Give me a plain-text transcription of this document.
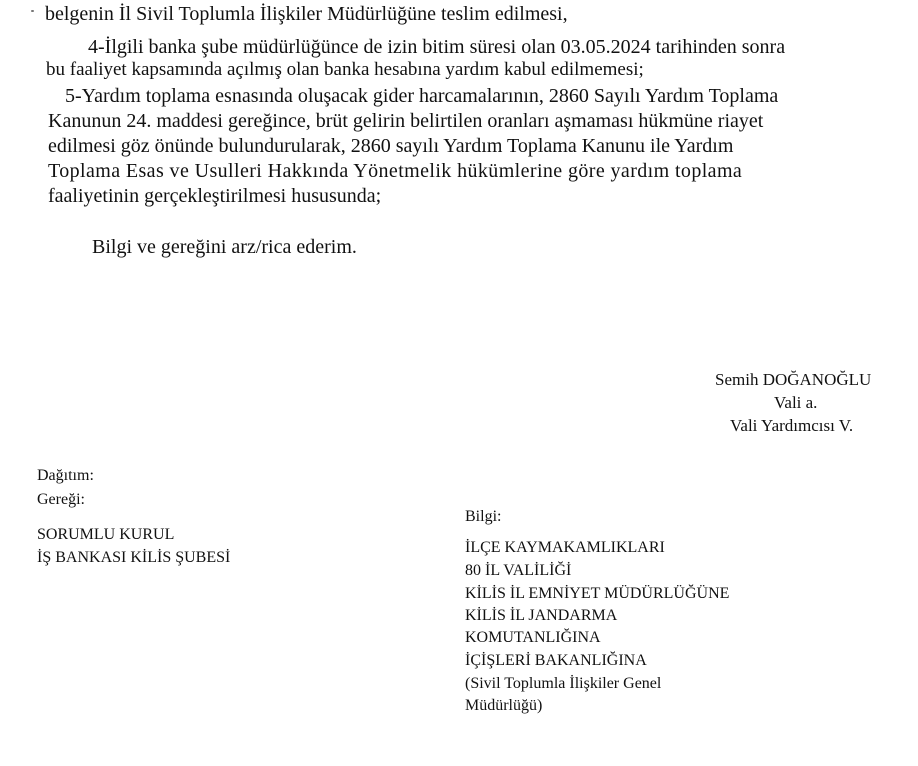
belgenin İl Sivil Toplumla İlişkiler Müdürlüğüne teslim edilmesi,
4-İlgili banka şube müdürlüğünce de izin bitim süresi olan 03.05.2024 tarihinden sonra
bu faaliyet kapsamında açılmış olan banka hesabına yardım kabul edilmemesi;
5-Yardım toplama esnasında oluşacak gider harcamalarının, 2860 Sayılı Yardım Toplama
Kanunun 24. maddesi gereğince, brüt gelirin belirtilen oranları aşmaması hükmüne riayet
edilmesi göz önünde bulundurularak, 2860 sayılı Yardım Toplama Kanunu ile Yardım
Toplama Esas ve Usulleri Hakkında Yönetmelik hükümlerine göre yardım toplama
faaliyetinin gerçekleştirilmesi hususunda;
Bilgi ve gereğini arz/rica ederim.
Semih DOĞANOĞLU
Vali a.
Vali Yardımcısı V.
Dağıtım:
Gereği:
SORUMLU KURUL
İŞ BANKASI KİLİS ŞUBESİ
Bilgi:
İLÇE KAYMAKAMLIKLARI
80 İL VALİLİĞİ
KİLİS İL EMNİYET MÜDÜRLÜĞÜNE
KİLİS İL JANDARMA
KOMUTANLIĞINA
İÇİŞLERİ BAKANLIĞINA
(Sivil Toplumla İlişkiler Genel
Müdürlüğü)
